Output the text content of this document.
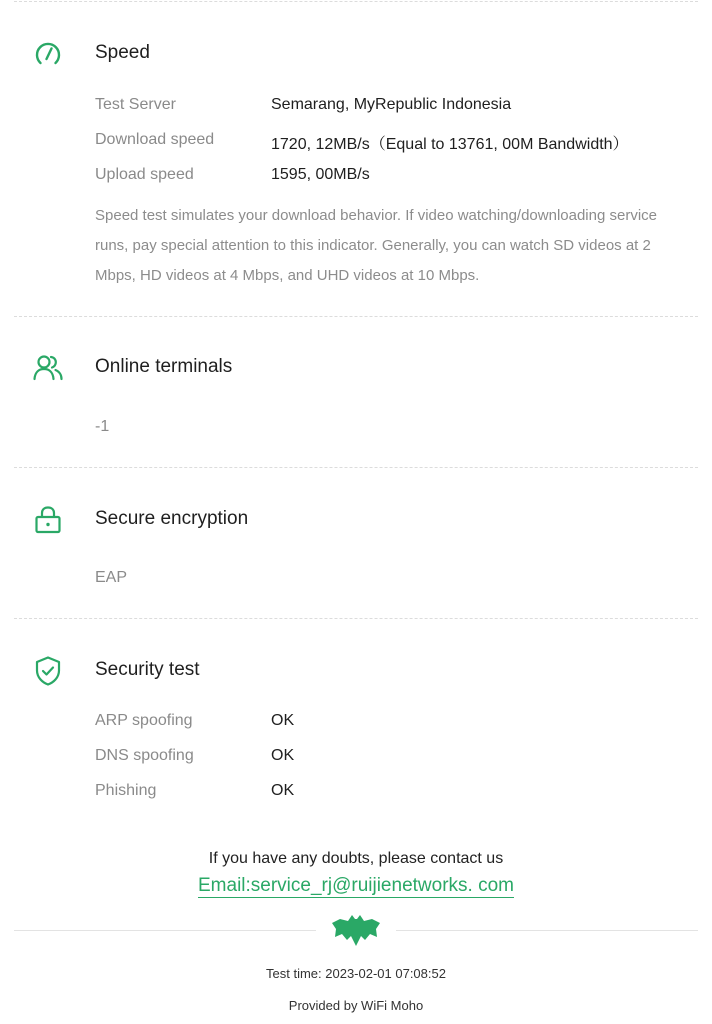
Speed
Test Server	Semarang, MyRepublic Indonesia
Download speed	1720, 12MB/s（Equal to 13761, 00M Bandwidth）
Upload speed	1595, 00MB/s
Speed test simulates your download behavior. If video watching/downloading service runs, pay special attention to this indicator. Generally, you can watch SD videos at 2 Mbps, HD videos at 4 Mbps, and UHD videos at 10 Mbps.
Online terminals
-1
Secure encryption
EAP
Security test
ARP spoofing	OK
DNS spoofing	OK
Phishing	OK
If you have any doubts, please contact us
Email:service_rj@ruijienetworks. com
Test time: 2023-02-01 07:08:52
Provided by WiFi Moho
